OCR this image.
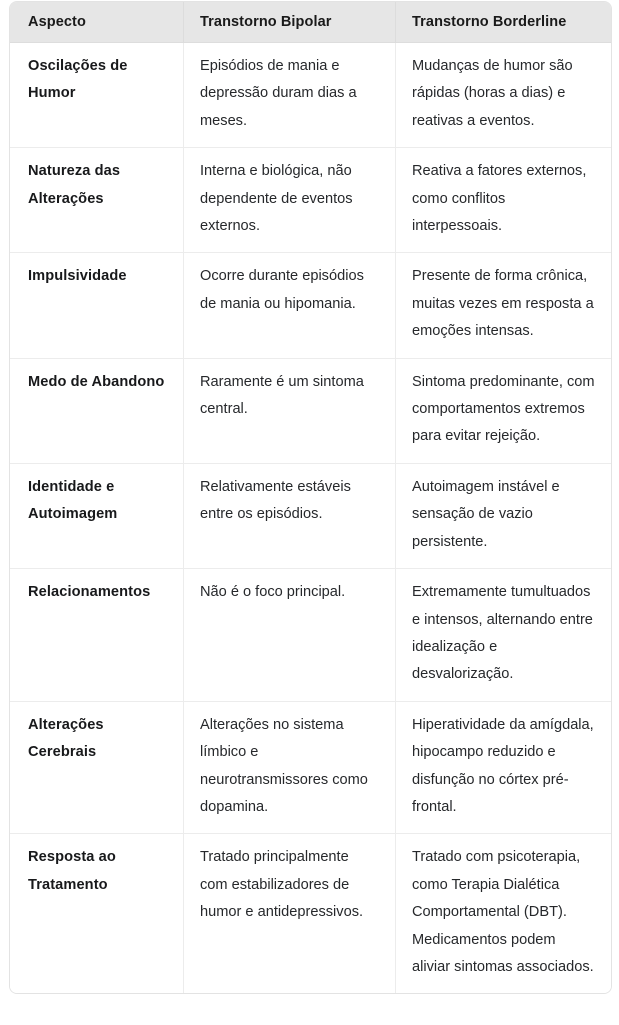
Aspecto	Transtorno Bipolar	Transtorno Borderline
Oscilações de Humor	Episódios de mania e depressão duram dias a meses.	Mudanças de humor são rápidas (horas a dias) e reativas a eventos.
Natureza das Alterações	Interna e biológica, não dependente de eventos externos.	Reativa a fatores externos, como conflitos interpessoais.
Impulsividade	Ocorre durante episódios de mania ou hipomania.	Presente de forma crônica, muitas vezes em resposta a emoções intensas.
Medo de Abandono	Raramente é um sintoma central.	Sintoma predominante, com comportamentos extremos para evitar rejeição.
Identidade e Autoimagem	Relativamente estáveis entre os episódios.	Autoimagem instável e sensação de vazio persistente.
Relacionamentos	Não é o foco principal.	Extremamente tumultuados e intensos, alternando entre idealização e desvalorização.
Alterações Cerebrais	Alterações no sistema límbico e neurotransmissores como dopamina.	Hiperatividade da amígdala, hipocampo reduzido e disfunção no córtex pré-frontal.
Resposta ao Tratamento	Tratado principalmente com estabilizadores de humor e antidepressivos.	Tratado com psicoterapia, como Terapia Dialética Comportamental (DBT). Medicamentos podem aliviar sintomas associados.
